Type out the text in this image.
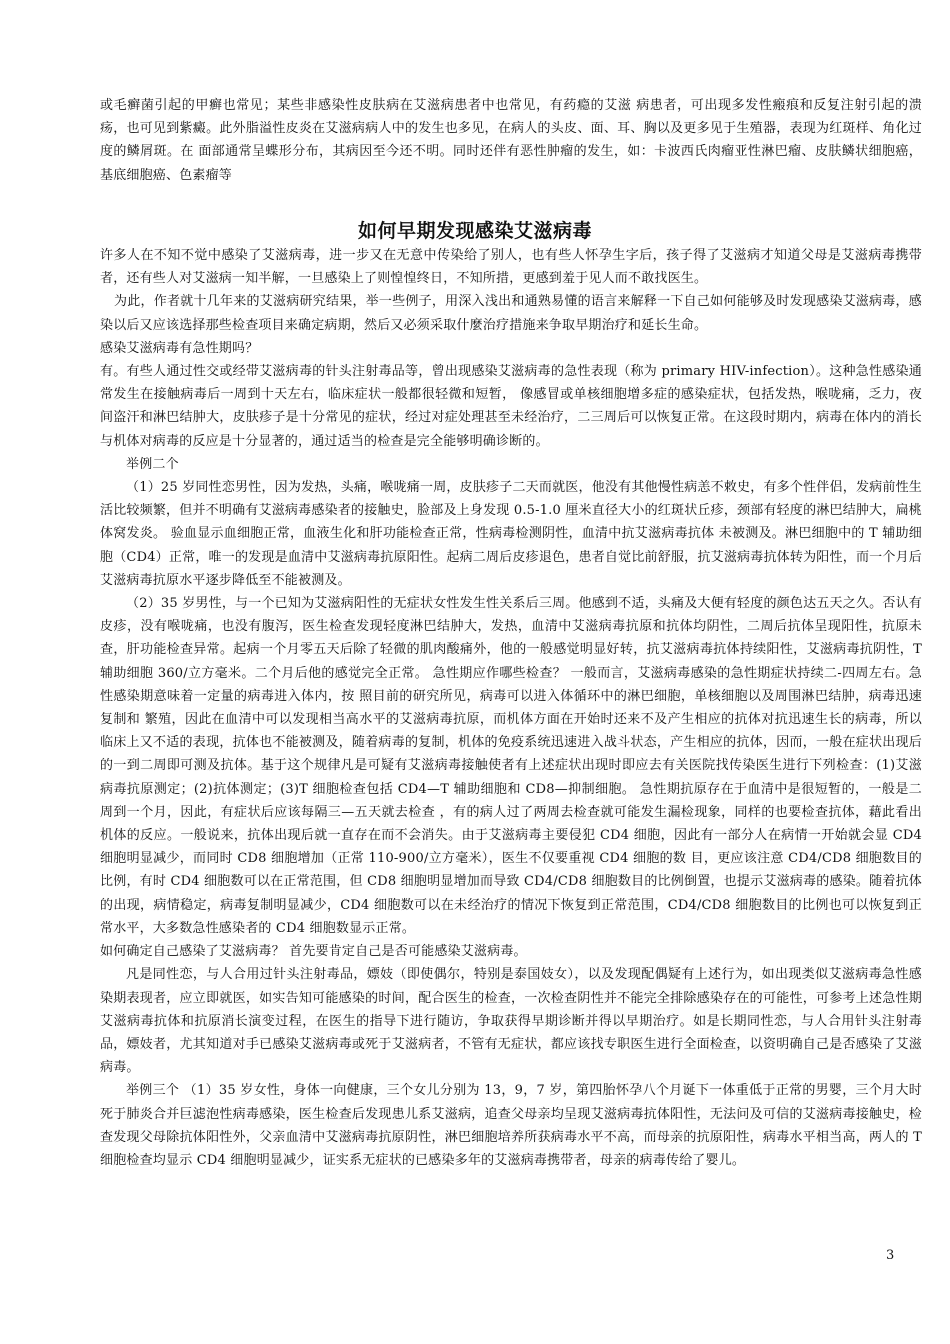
或毛癣菌引起的甲癣也常见；某些非感染性皮肤病在艾滋病患者中也常见，有药瘾的艾滋 病患者，可出现多发性瘢痕和反复注射引起的溃疡，也可见到紫癜。此外脂溢性皮炎在艾滋病病人中的发生也多见，在病人的头皮、面、耳、胸以及更多见于生殖器，表现为红斑样、角化过度的鳞屑斑。在 面部通常呈蝶形分布，其病因至今还不明。同时还伴有恶性肿瘤的发生，如：卡波西氏肉瘤亚性淋巴瘤、皮肤鳞状细胞癌，基底细胞癌、色素瘤等

如何早期发现感染艾滋病毒

许多人在不知不觉中感染了艾滋病毒，进一步又在无意中传染给了别人，也有些人怀孕生字后，孩子得了艾滋病才知道父母是艾滋病毒携带者，还有些人对艾滋病一知半解，一旦感染上了则惶惶终日，不知所措，更感到羞于见人而不敢找医生。

为此，作者就十几年来的艾滋病研究结果，举一些例子，用深入浅出和通熟易懂的语言来解释一下自己如何能够及时发现感染艾滋病毒，感染以后又应该选择那些检查项目来确定病期，然后又必须采取什麼治疗措施来争取早期治疗和延长生命。

感染艾滋病毒有急性期吗？

有。有些人通过性交或经带艾滋病毒的针头注射毒品等，曾出现感染艾滋病毒的急性表现（称为 primary HIV-infection）。这种急性感染通常发生在接触病毒后一周到十天左右，临床症状一般都很轻微和短暂， 像感冒或单核细胞增多症的感染症状，包括发热，喉咙痛，乏力，夜间盗汗和淋巴结肿大，皮肤疹子是十分常见的症状，经过对症处理甚至未经治疗，二三周后可以恢复正常。在这段时期内，病毒在体内的消长与机体对病毒的反应是十分显著的，通过适当的检查是完全能够明确诊断的。

举例二个

（1）25 岁同性恋男性，因为发热，头痛，喉咙痛一周，皮肤疹子二天而就医，他没有其他慢性病恙不敕史，有多个性伴侣，发病前性生活比较频繁，但并不明确有艾滋病毒感染者的接触史，脸部及上身发现 0.5-1.0 厘米直径大小的红斑状丘疹，颈部有轻度的淋巴结肿大，扁桃体窝发炎。 验血显示血细胞正常，血液生化和肝功能检查正常，性病毒检测阴性，血清中抗艾滋病毒抗体 未被测及。淋巴细胞中的 T 辅助细胞（CD4）正常，唯一的发现是血清中艾滋病毒抗原阳性。起病二周后皮疹退色，患者自觉比前舒服，抗艾滋病毒抗体转为阳性，而一个月后艾滋病毒抗原水平逐步降低至不能被测及。

（2）35 岁男性，与一个已知为艾滋病阳性的无症状女性发生性关系后三周。他感到不适，头痛及大便有轻度的颜色达五天之久。否认有皮疹，没有喉咙痛，也没有腹泻，医生检查发现轻度淋巴结肿大，发热，血清中艾滋病毒抗原和抗体均阴性，二周后抗体呈现阳性，抗原未查，肝功能检查异常。起病一个月零五天后除了轻微的肌肉酸痛外，他的一般感觉明显好转，抗艾滋病毒抗体持续阳性，艾滋病毒抗阴性，T 辅助细胞 360/立方毫米。二个月后他的感觉完全正常。 急性期应作哪些检查？ 一般而言，艾滋病毒感染的急性期症状持续二-四周左右。急性感染期意味着一定量的病毒进入体内，按 照目前的研究所见，病毒可以进入体循环中的淋巴细胞，单核细胞以及周围淋巴结肿，病毒迅速复制和 繁殖，因此在血清中可以发现相当高水平的艾滋病毒抗原，而机体方面在开始时还来不及产生相应的抗体对抗迅速生长的病毒，所以临床上又不适的表现，抗体也不能被测及，随着病毒的复制，机体的免疫系统迅速进入战斗状态，产生相应的抗体，因而，一般在症状出现后的一到二周即可测及抗体。基于这个规律凡是可疑有艾滋病毒接触使者有上述症状出现时即应去有关医院找传染医生进行下列检查：(1)艾滋病毒抗原测定；(2)抗体测定；(3)T 细胞检查包括 CD4—T 辅助细胞和 CD8—抑制细胞。 急性期抗原存在于血清中是很短暂的，一般是二周到一个月，因此，有症状后应该每隔三—五天就去检查 ，有的病人过了两周去检查就可能发生漏检现象，同样的也要检查抗体，藉此看出机体的反应。一般说来，抗体出现后就一直存在而不会消失。由于艾滋病毒主要侵犯 CD4 细胞，因此有一部分人在病情一开始就会显 CD4 细胞明显减少，而同时 CD8 细胞增加（正常 110-900/立方毫米），医生不仅要重视 CD4 细胞的数 目，更应该注意 CD4/CD8 细胞数目的比例，有时 CD4 细胞数可以在正常范围，但 CD8 细胞明显增加而导致 CD4/CD8 细胞数目的比例倒置，也提示艾滋病毒的感染。随着抗体的出现，病情稳定，病毒复制明显减少，CD4 细胞数可以在未经治疗的情况下恢复到正常范围，CD4/CD8 细胞数目的比例也可以恢复到正常水平，大多数急性感染者的 CD4 细胞数显示正常。

如何确定自己感染了艾滋病毒？ 首先要肯定自己是否可能感染艾滋病毒。

凡是同性恋，与人合用过针头注射毒品，嫖妓（即使偶尔，特别是泰国妓女），以及发现配偶疑有上述行为，如出现类似艾滋病毒急性感染期表现者，应立即就医，如实告知可能感染的时间，配合医生的检查，一次检查阴性并不能完全排除感染存在的可能性，可参考上述急性期艾滋病毒抗体和抗原消长演变过程，在医生的指导下进行随访，争取获得早期诊断并得以早期治疗。如是长期同性恋，与人合用针头注射毒品，嫖妓者，尤其知道对手已感染艾滋病毒或死于艾滋病者，不管有无症状，都应该找专职医生进行全面检查，以资明确自己是否感染了艾滋病毒。

举例三个 （1）35 岁女性，身体一向健康，三个女儿分别为 13，9，7 岁，第四胎怀孕八个月诞下一体重低于正常的男婴，三个月大时死于肺炎合并巨滤泡性病毒感染，医生检查后发现患儿系艾滋病，追查父母亲均呈现艾滋病毒抗体阳性，无法问及可信的艾滋病毒接触史，检查发现父母除抗体阳性外，父亲血清中艾滋病毒抗原阴性，淋巴细胞培养所获病毒水平不高，而母亲的抗原阳性，病毒水平相当高，两人的 T 细胞检查均显示 CD4 细胞明显减少，证实系无症状的已感染多年的艾滋病毒携带者，母亲的病毒传给了婴儿。

3
